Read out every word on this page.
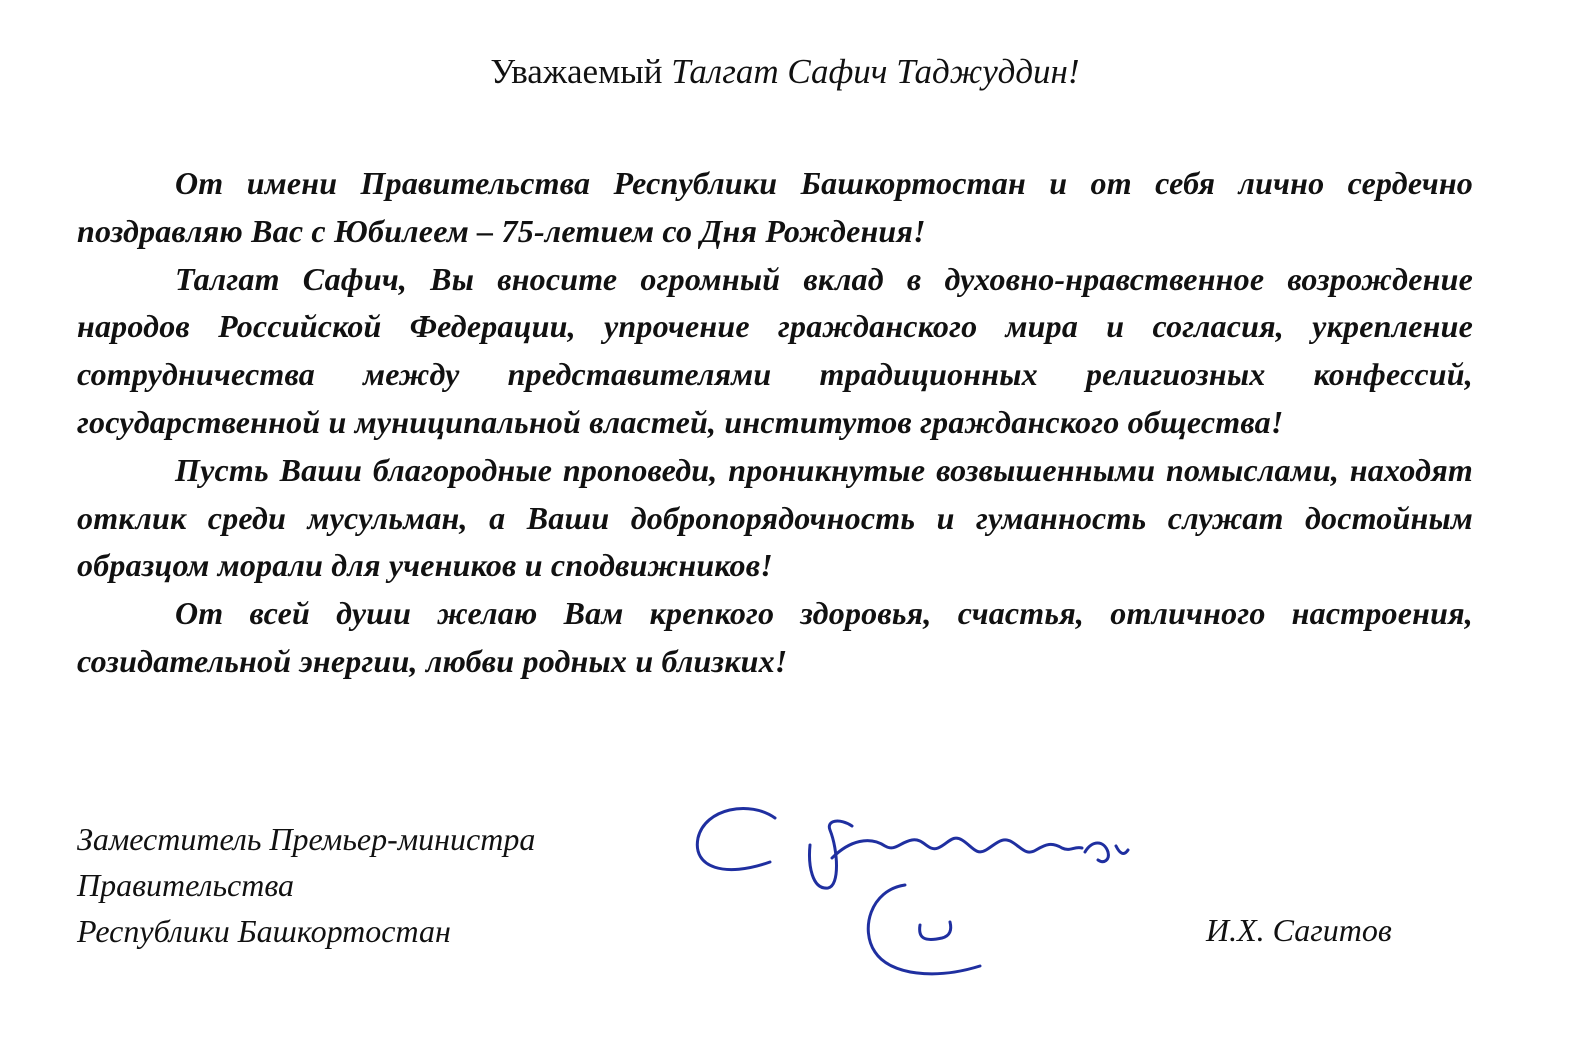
Уважаемый Талгат Сафич Таджуддин!

От имени Правительства Республики Башкортостан и от себя лично сердечно поздравляю Вас с Юбилеем – 75-летием со Дня Рождения!

Талгат Сафич, Вы вносите огромный вклад в духовно-нравственное возрождение народов Российской Федерации, упрочение гражданского мира и согласия, укрепление сотрудничества между представителями традиционных религиозных конфессий, государственной и муниципальной властей, институтов гражданского общества!

Пусть Ваши благородные проповеди, проникнутые возвышенными помыслами, находят отклик среди мусульман, а Ваши добропорядочность и гуманность служат достойным образцом морали для учеников и сподвижников!

От всей души желаю Вам крепкого здоровья, счастья, отличного настроения, созидательной энергии, любви родных и близких!

Заместитель Премьер-министра
Правительства
Республики Башкортостан	И.Х. Сагитов
